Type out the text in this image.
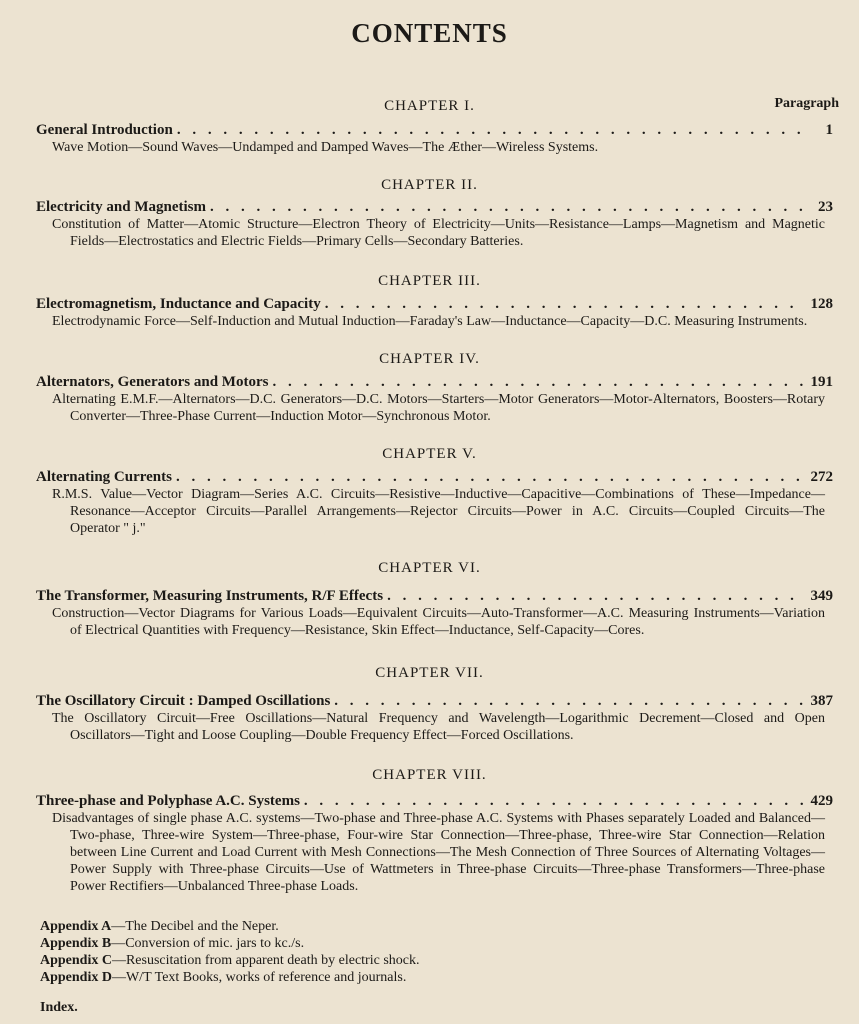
CONTENTS
Paragraph
CHAPTER I.
General Introduction . . .	1
Wave Motion—Sound Waves—Undamped and Damped Waves—The Æther—Wireless Systems.
CHAPTER II.
Electricity and Magnetism . . .	23
Constitution of Matter—Atomic Structure—Electron Theory of Electricity—Units—Resistance—Lamps—Magnetism and Magnetic Fields—Electrostatics and Electric Fields—Primary Cells—Secondary Batteries.
CHAPTER III.
Electromagnetism, Inductance and Capacity . . .	128
Electrodynamic Force—Self-Induction and Mutual Induction—Faraday's Law—Inductance—Capacity—D.C. Measuring Instruments.
CHAPTER IV.
Alternators, Generators and Motors . . .	191
Alternating E.M.F.—Alternators—D.C. Generators—D.C. Motors—Starters—Motor Generators—Motor-Alternators, Boosters—Rotary Converter—Three-Phase Current—Induction Motor—Synchronous Motor.
CHAPTER V.
Alternating Currents . . .	272
R.M.S. Value—Vector Diagram—Series A.C. Circuits—Resistive—Inductive—Capacitive—Combinations of These—Impedance—Resonance—Acceptor Circuits—Parallel Arrangements—Rejector Circuits—Power in A.C. Circuits—Coupled Circuits—The Operator " j."
CHAPTER VI.
The Transformer, Measuring Instruments, R/F Effects . . .	349
Construction—Vector Diagrams for Various Loads—Equivalent Circuits—Auto-Transformer—A.C. Measuring Instruments—Variation of Electrical Quantities with Frequency—Resistance, Skin Effect—Inductance, Self-Capacity—Cores.
CHAPTER VII.
The Oscillatory Circuit : Damped Oscillations . . .	387
The Oscillatory Circuit—Free Oscillations—Natural Frequency and Wavelength—Logarithmic Decrement—Closed and Open Oscillators—Tight and Loose Coupling—Double Frequency Effect—Forced Oscillations.
CHAPTER VIII.
Three-phase and Polyphase A.C. Systems . . .	429
Disadvantages of single phase A.C. systems—Two-phase and Three-phase A.C. Systems with Phases separately Loaded and Balanced—Two-phase, Three-wire System—Three-phase, Four-wire Star Connection—Three-phase, Three-wire Star Connection—Relation between Line Current and Load Current with Mesh Connections—The Mesh Connection of Three Sources of Alternating Voltages—Power Supply with Three-phase Circuits—Use of Wattmeters in Three-phase Circuits—Three-phase Transformers—Three-phase Power Rectifiers—Unbalanced Three-phase Loads.
Appendix A—The Decibel and the Neper.
Appendix B—Conversion of mic. jars to kc./s.
Appendix C—Resuscitation from apparent death by electric shock.
Appendix D—W/T Text Books, works of reference and journals.
Index.
